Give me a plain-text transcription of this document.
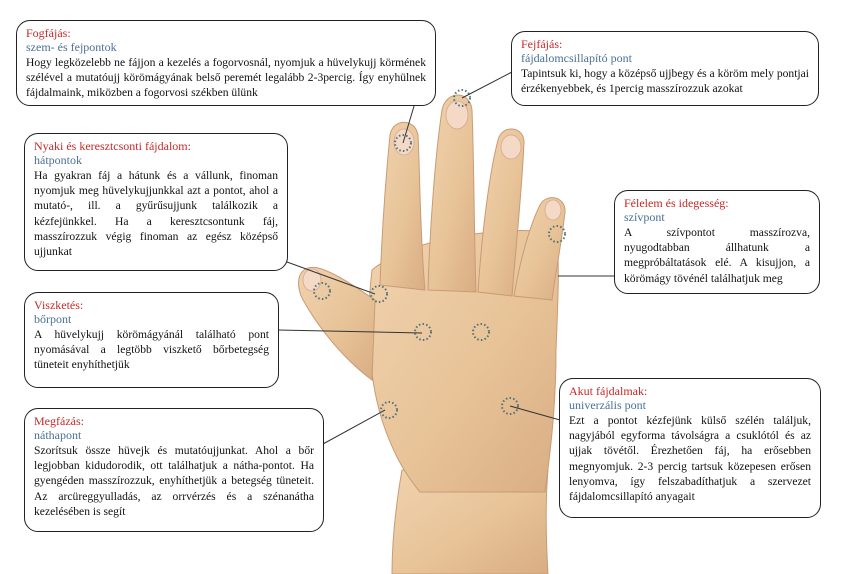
Fogfájás:
szem- és fejpontok
Hogy legközelebb ne fájjon a kezelés a fogorvosnál, nyomjuk a hüvelykujj körmének szélével a mutatóujj körömágyának belső peremét legalább 2-3percig. Így enyhülnek fájdalmaink, miközben a fogorvosi székben ülünk
Nyaki és keresztcsonti fájdalom:
hátpontok
Ha gyakran fáj a hátunk és a vállunk, finoman nyomjuk meg hüvelykujjunkkal azt a pontot, ahol a mutató-, ill. a gyűrűsujjunk találkozik a kézfejünkkel. Ha a keresztcsontunk fáj, masszírozzuk végig finoman az egész középső ujjunkat
Viszketés:
bőrpont
A hüvelykujj körömágyánál található pont nyomásával a legtöbb viszkető bőrbetegség tüneteit enyhíthetjük
Megfázás:
náthapont
Szorítsuk össze hüvejk és mutatóujjunkat. Ahol a bőr legjobban kidudorodik, ott találhatjuk a nátha-pontot. Ha gyengéden masszírozzuk, enyhíthetjük a betegség tüneteit. Az arcüreggyulladás, az orrvérzés és a szénanátha kezelésében is segít
Fejfájás:
fájdalomcsillapító pont
Tapintsuk ki, hogy a középső ujjbegy és a köröm mely pontjai érzékenyebbek, és 1percig masszírozzuk azokat
Félelem és idegesség:
szívpont
A szívpontot masszírozva, nyugodtabban állhatunk a megpróbáltatások elé. A kisujjon, a körömágy tövénél találhatjuk meg
Akut fájdalmak:
univerzális pont
Ezt a pontot kézfejünk külső szélén találjuk, nagyjából egyforma távolságra a csuklótól és az ujjak tövétől. Érezhetően fáj, ha erősebben megnyomjuk. 2-3 percig tartsuk közepesen erősen lenyomva, így felszabadíthatjuk a szervezet fájdalomcsillapító anyagait
